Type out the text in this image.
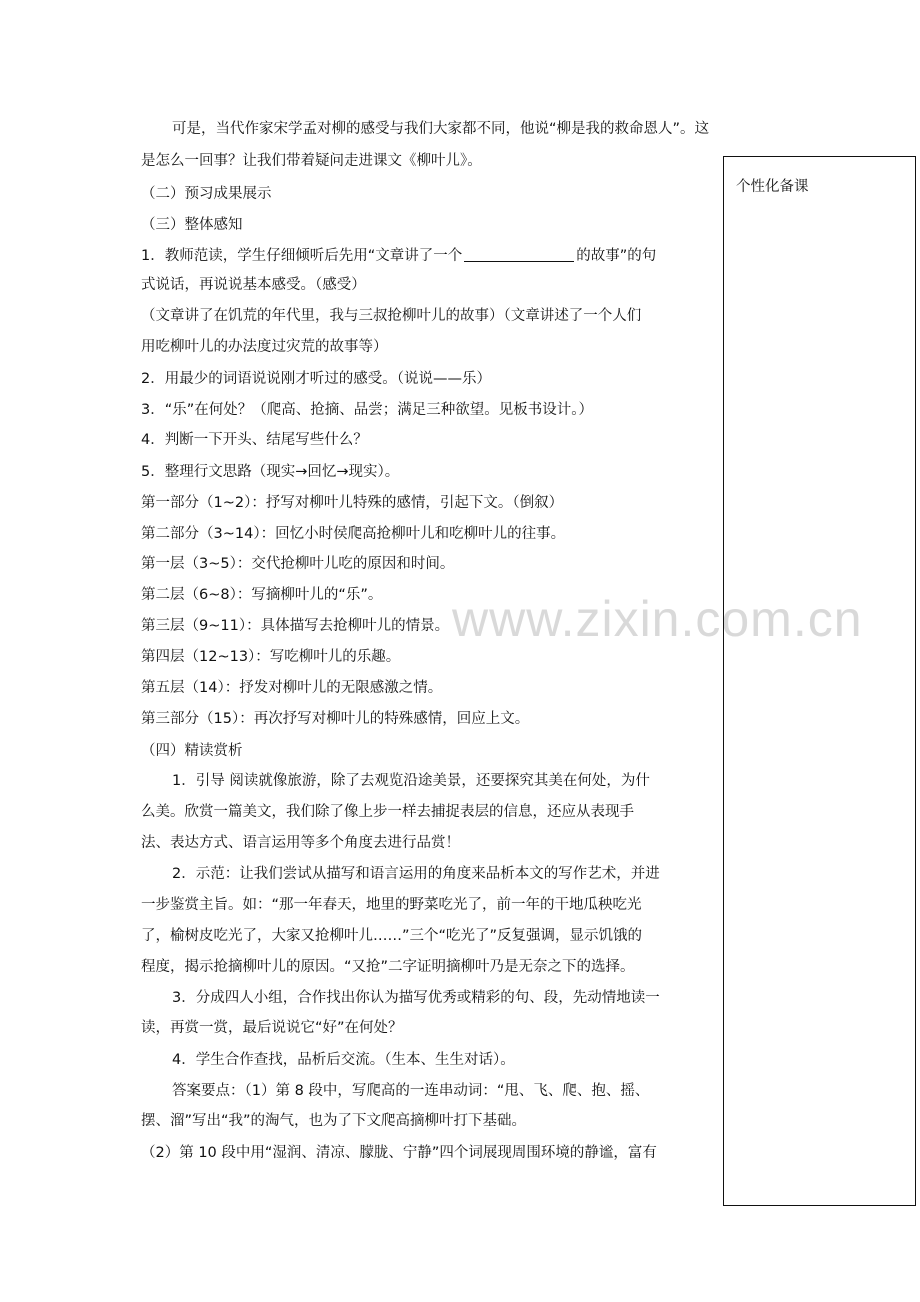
www.zixin.com.cn
可是，当代作家宋学孟对柳的感受与我们大家都不同，他说“柳是我的救命恩人”。这
是怎么一回事？让我们带着疑问走进课文《柳叶儿》。
（二）预习成果展示
（三）整体感知
1．教师范读，学生仔细倾听后先用“文章讲了一个	的故事”的句
式说话，再说说基本感受。（感受）
（文章讲了在饥荒的年代里，我与三叔抢柳叶儿的故事）（文章讲述了一个人们
用吃柳叶儿的办法度过灾荒的故事等）
2．用最少的词语说说刚才听过的感受。（说说——乐）
3．“乐”在何处？（爬高、抢摘、品尝；满足三种欲望。见板书设计。）
4．判断一下开头、结尾写些什么？
5．整理行文思路（现实→回忆→现实）。
第一部分（1~2）：抒写对柳叶儿特殊的感情，引起下文。（倒叙）
第二部分（3~14）：回忆小时侯爬高抢柳叶儿和吃柳叶儿的往事。
第一层（3~5）：交代抢柳叶儿吃的原因和时间。
第二层（6~8）：写摘柳叶儿的“乐”。
第三层（9~11）：具体描写去抢柳叶儿的情景。
第四层（12~13）：写吃柳叶儿的乐趣。
第五层（14）：抒发对柳叶儿的无限感激之情。
第三部分（15）：再次抒写对柳叶儿的特殊感情，回应上文。
（四）精读赏析
1．引导 阅读就像旅游，除了去观览沿途美景，还要探究其美在何处，为什
么美。欣赏一篇美文，我们除了像上步一样去捕捉表层的信息，还应从表现手
法、表达方式、语言运用等多个角度去进行品赏！
2．示范：让我们尝试从描写和语言运用的角度来品析本文的写作艺术，并进
一步鉴赏主旨。如：“那一年春天，地里的野菜吃光了，前一年的干地瓜秧吃光
了，榆树皮吃光了，大家又抢柳叶儿……”三个“吃光了”反复强调，显示饥饿的
程度，揭示抢摘柳叶儿的原因。“又抢”二字证明摘柳叶乃是无奈之下的选择。
3．分成四人小组，合作找出你认为描写优秀或精彩的句、段，先动情地读一
读，再赏一赏，最后说说它“好”在何处？
4．学生合作查找，品析后交流。（生本、生生对话）。
答案要点：（1）第 8 段中，写爬高的一连串动词：“甩、飞、爬、抱、摇、
摆、溜”写出“我”的淘气，也为了下文爬高摘柳叶打下基础。
（2）第 10 段中用“湿润、清凉、朦胧、宁静”四个词展现周围环境的静谧，富有
个性化备课
